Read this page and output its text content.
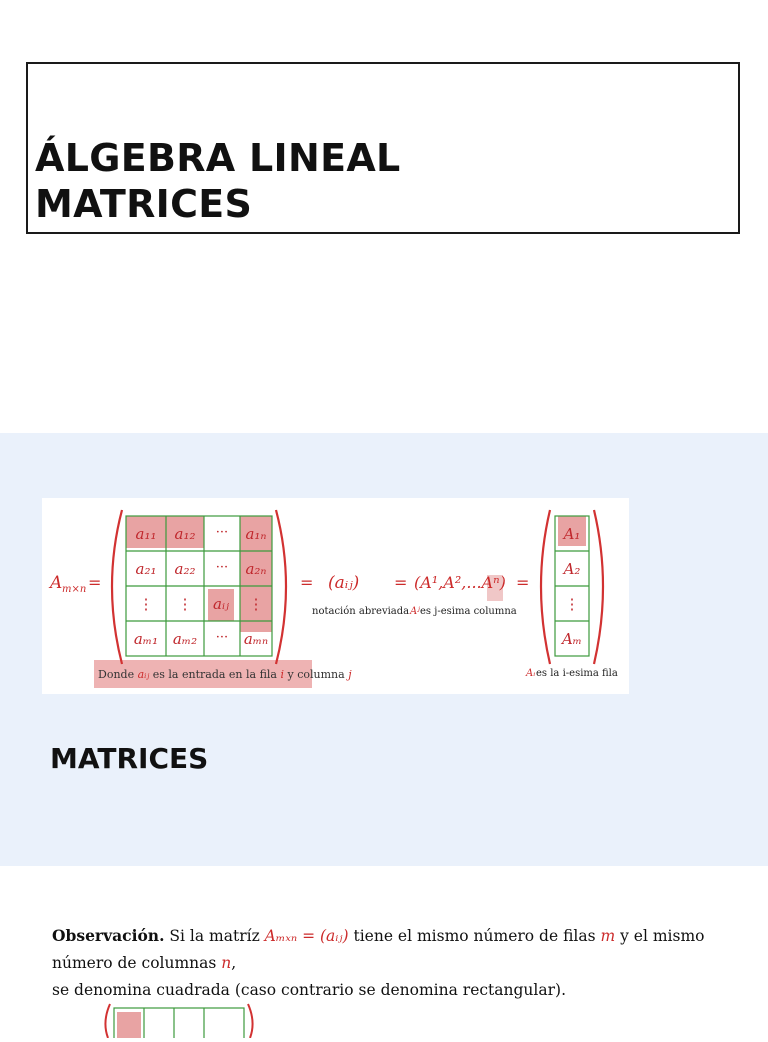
ÁLGEBRA LINEAL
MATRICES
A m×n =
a₁₁ a₁₂ ··· a₁ₙ
a₂₁ a₂₂ ··· a₂ₙ
⋮ ⋮ aᵢⱼ ⋮
aₘ₁ aₘ₂ ··· aₘₙ
= (aᵢⱼ)
notación abreviada
= (A¹,A²,...Aⁿ)
Aʲ es j-esima columna
=
A₁
A₂
⋮
Aₘ
Aᵢ es la i-esima fila
Donde aᵢⱼ es la entrada en la fila i y columna j
MATRICES
Observación. Si la matríz Aₘₓₙ = (aᵢⱼ) tiene el mismo número de filas m y el mismo número de columnas n,
se denomina cuadrada (caso contrario se denomina rectangular).
